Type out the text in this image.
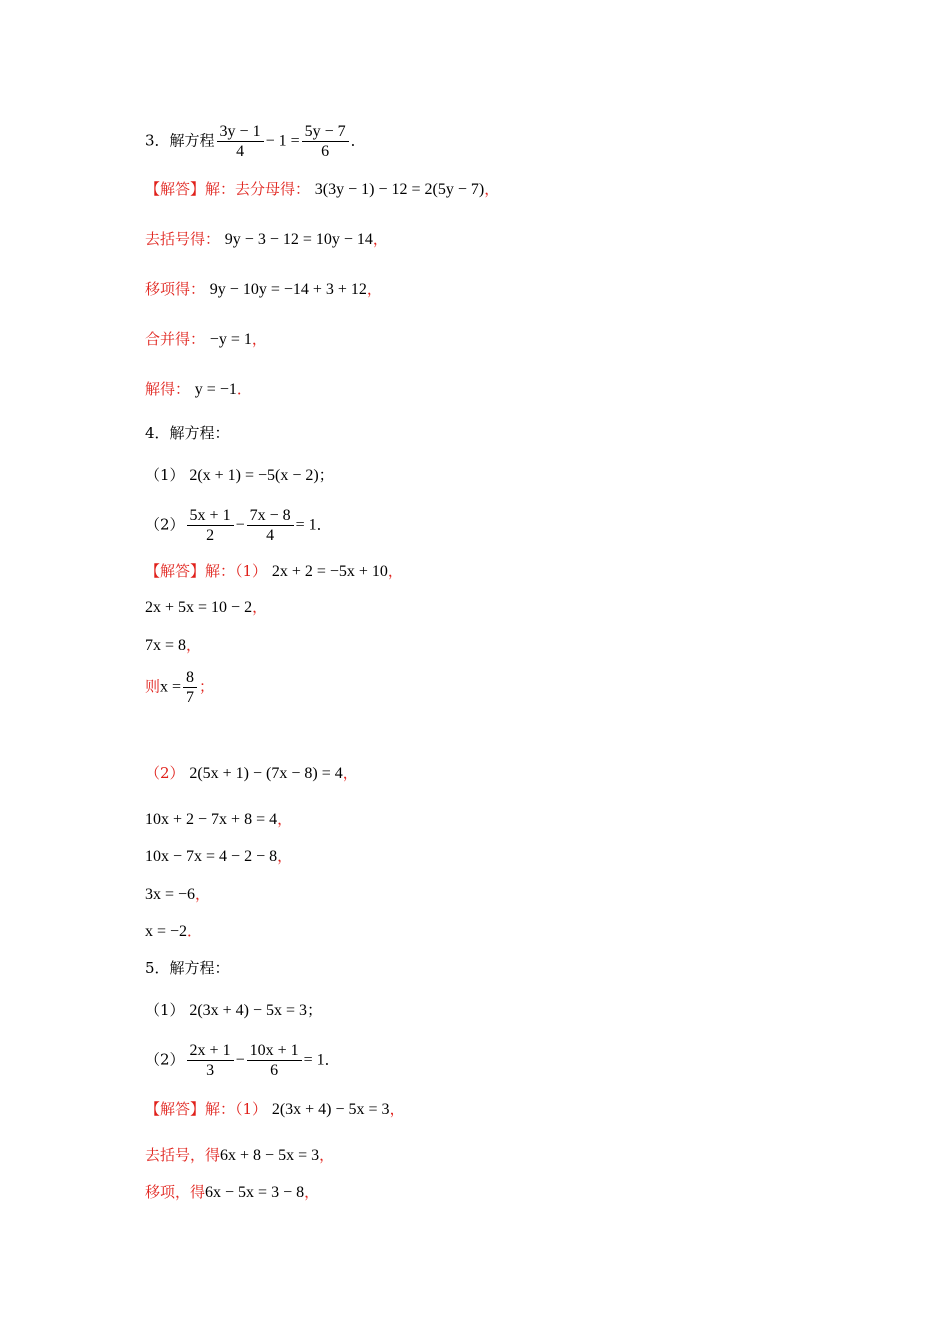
3．解方程 $\frac{3y - 1}{4} - 1 = \frac{5y - 7}{6}$ ．
【解答】解：去分母得： 3(3y − 1) − 12 = 2(5y − 7)，
去括号得： 9y − 3 − 12 = 10y − 14，
移项得： 9y − 10y = −14 + 3 + 12，
合并得： −y = 1，
解得： y = −1．
4．解方程：
（1） 2(x + 1) = −5(x − 2)；
$(2) \frac{5x + 1}{2} - \frac{7x - 8}{4} = 1$．
【解答】解：（1） 2x + 2 = −5x + 10，
2x + 5x = 10 − 2，
7x = 8，
则$x = \frac{8}{7}$ ；
（2） 2(5x + 1) − (7x − 8) = 4，
10x + 2 − 7x + 8 = 4，
10x − 7x = 4 − 2 − 8，
3x = −6，
x = −2．
5．解方程：
（1） 2(3x + 4) − 5x = 3；
$(2) \frac{2x + 1}{3} - \frac{10x + 1}{6} = 1$．
【解答】解：（1） 2(3x + 4) − 5x = 3，
去括号，得6x + 8 − 5x = 3，
移项，得6x − 5x = 3 − 8，
